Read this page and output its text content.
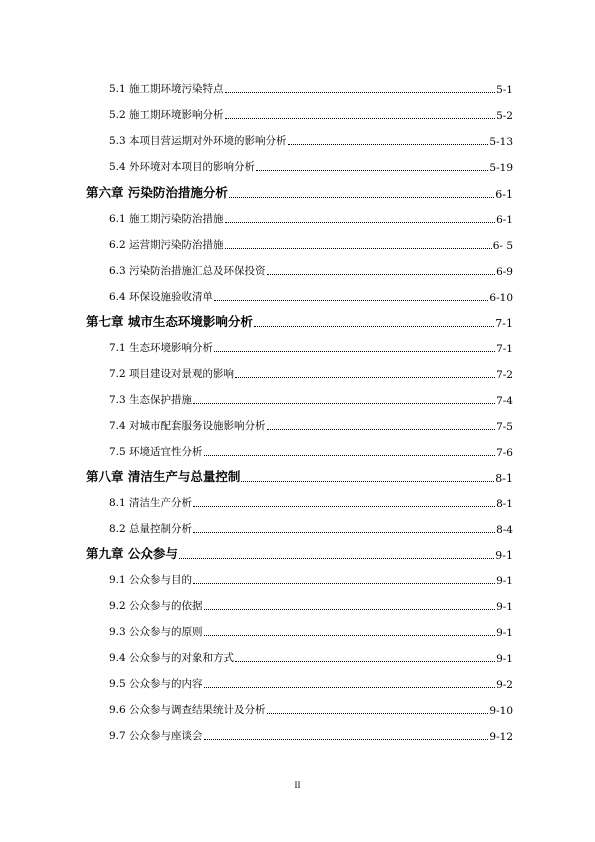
5.1 施工期环境污染特点	5-1
5.2 施工期环境影响分析	5-2
5.3 本项目营运期对外环境的影响分析	5-13
5.4 外环境对本项目的影响分析	5-19
第六章 污染防治措施分析	6-1
6.1 施工期污染防治措施	6-1
6.2 运营期污染防治措施	6- 5
6.3 污染防治措施汇总及环保投资	6-9
6.4 环保设施验收清单	6-10
第七章 城市生态环境影响分析	7-1
7.1 生态环境影响分析	7-1
7.2 项目建设对景观的影响	7-2
7.3 生态保护措施	7-4
7.4 对城市配套服务设施影响分析	7-5
7.5 环境适宜性分析	7-6
第八章 清洁生产与总量控制	8-1
8.1 清洁生产分析	8-1
8.2 总量控制分析	8-4
第九章 公众参与	9-1
9.1 公众参与目的	9-1
9.2 公众参与的依据	9-1
9.3 公众参与的原则	9-1
9.4 公众参与的对象和方式	9-1
9.5 公众参与的内容	9-2
9.6 公众参与调查结果统计及分析	9-10
9.7 公众参与座谈会	9-12
II
